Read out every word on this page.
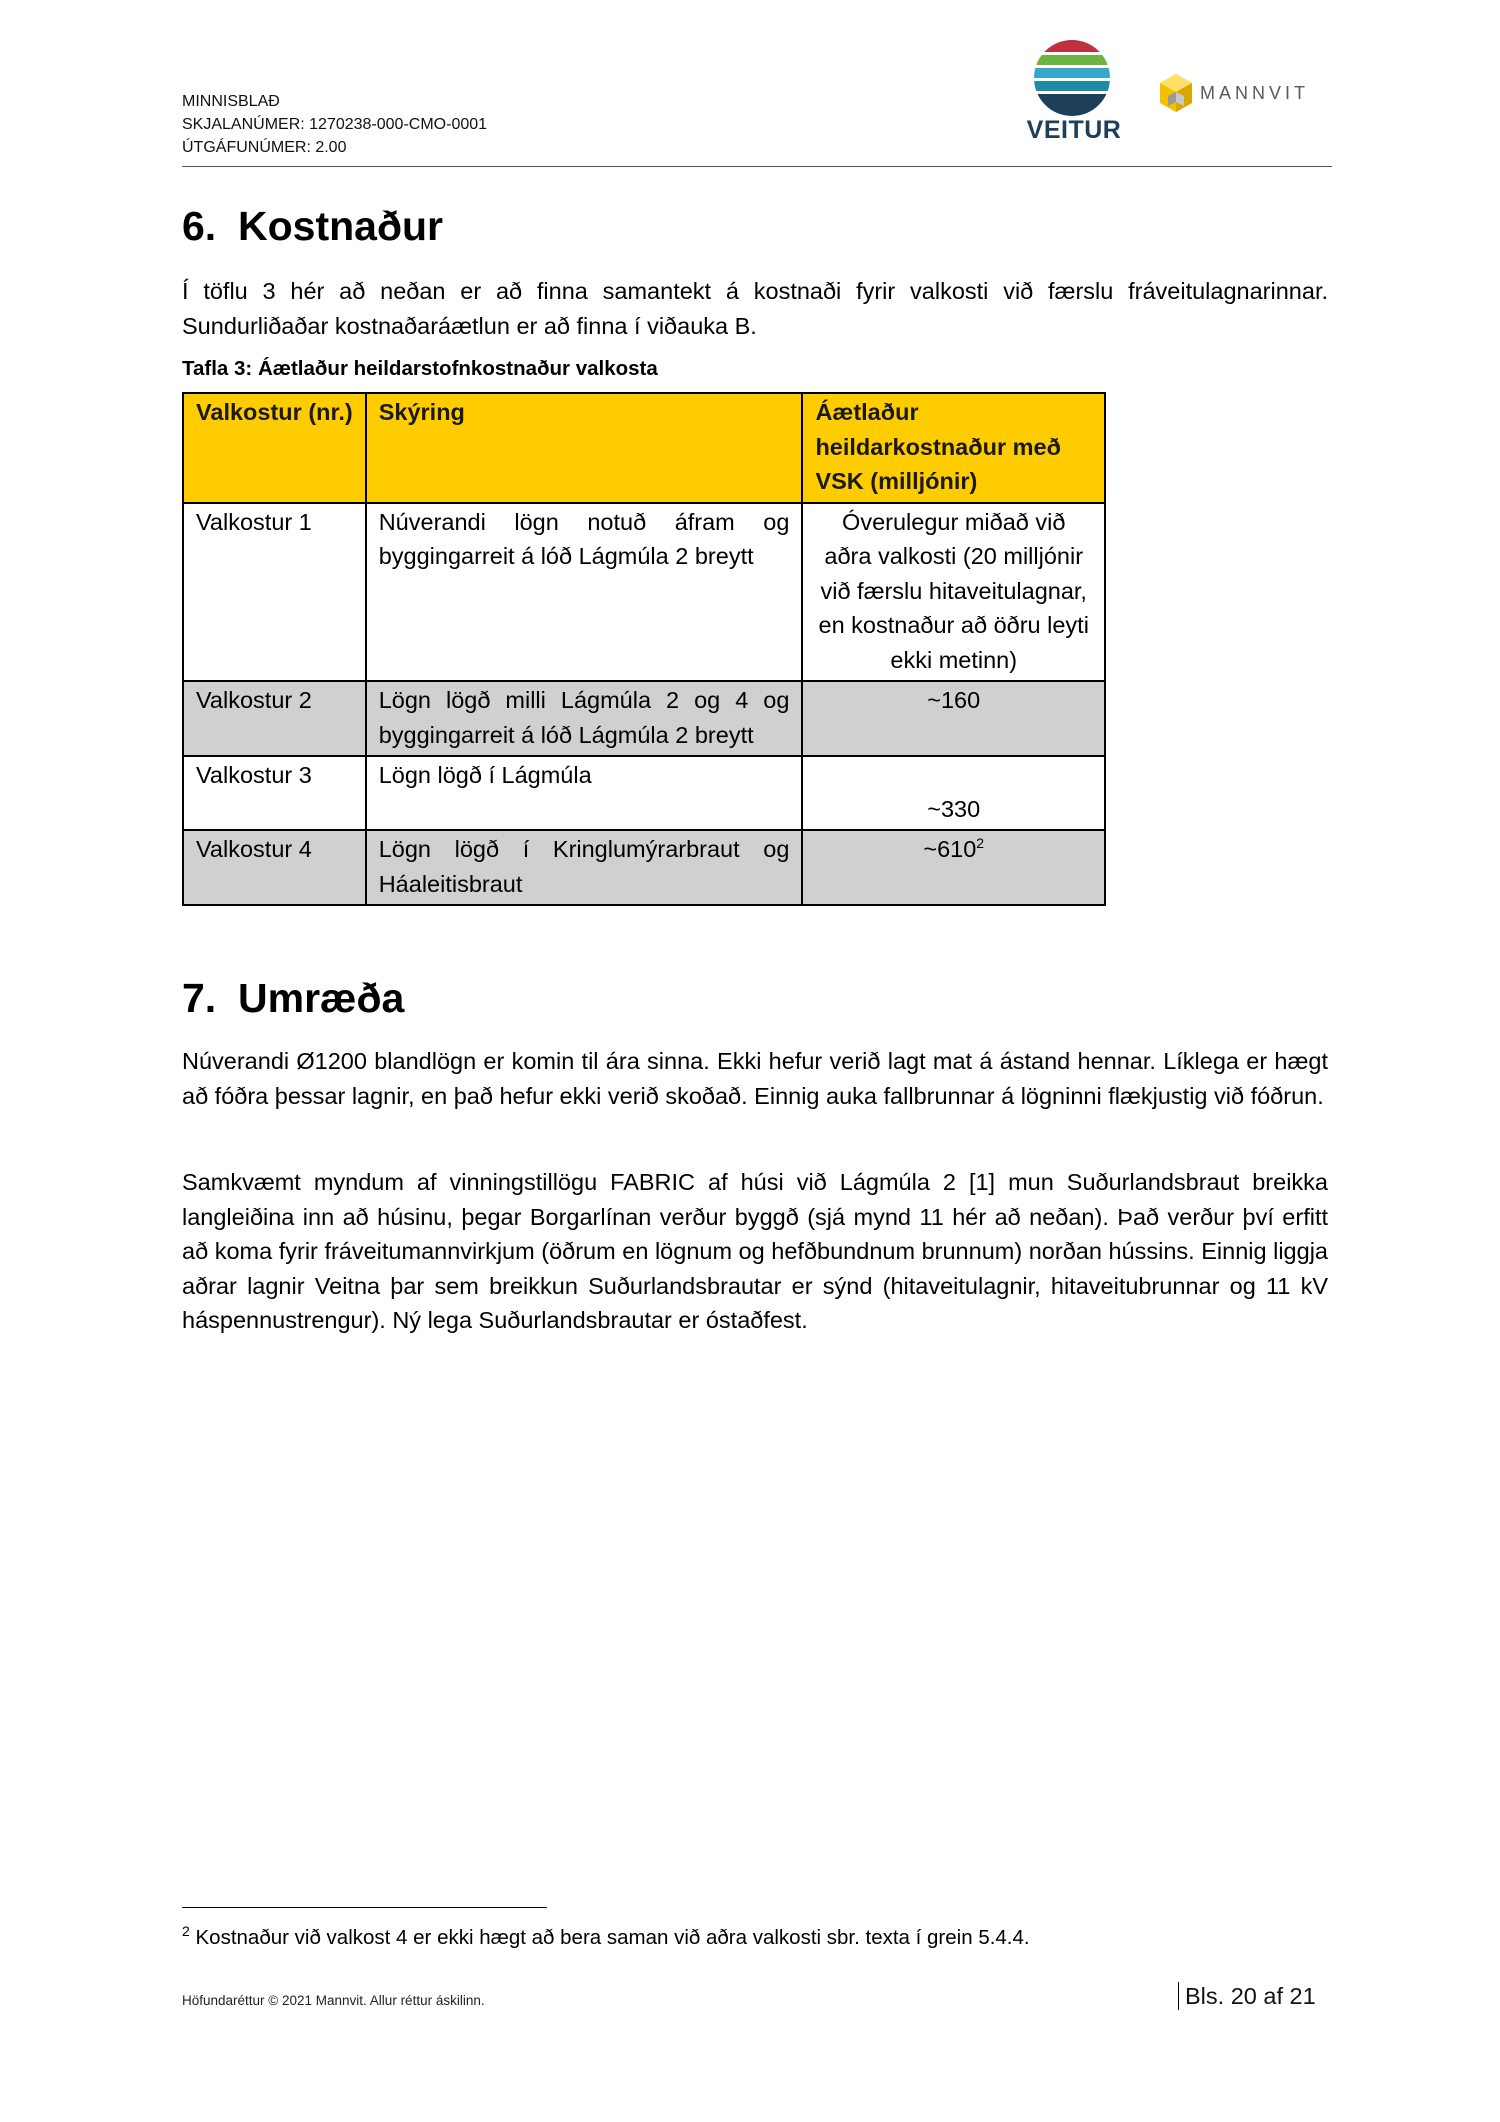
MINNISBLAÐ
SKJALANÚMER: 1270238-000-CMO-0001
ÚTGÁFUNÚMER: 2.00
VEITUR
MANNVIT
6. Kostnaður

Í töflu 3 hér að neðan er að finna samantekt á kostnaði fyrir valkosti við færslu fráveitulagnarinnar. Sundurliðaðar kostnaðaráætlun er að finna í viðauka B.

Tafla 3: Áætlaður heildarstofnkostnaður valkosta
Valkostur (nr.)	Skýring	Áætlaður
heildarkostnaður með
VSK (milljónir)

Valkostur 1	Núverandi lögn notuð áfram og byggingarreit á lóð Lágmúla 2 breytt	Óverulegur miðað við aðra valkosti (20 milljónir við færslu hitaveitulagnar, en kostnaður að öðru leyti ekki metinn)
Valkostur 2	Lögn lögð milli Lágmúla 2 og 4 og byggingarreit á lóð Lágmúla 2 breytt	~160
Valkostur 3	Lögn lögð í Lágmúla	~330
Valkostur 4	Lögn lögð í Kringlumýrarbraut og Háaleitisbraut	$\sim 610^2$
7. Umræða

Núverandi Ø1200 blandlögn er komin til ára sinna. Ekki hefur verið lagt mat á ástand hennar. Líklega er hægt að fóðra þessar lagnir, en það hefur ekki verið skoðað. Einnig auka fallbrunnar á lögninni flækjustig við fóðrun.

Samkvæmt myndum af vinningstillögu FABRIC af húsi við Lágmúla 2 [1] mun Suðurlandsbraut breikka langleiðina inn að húsinu, þegar Borgarlínan verður byggð (sjá mynd 11 hér að neðan). Það verður því erfitt að koma fyrir fráveitumannvirkjum (öðrum en lögnum og hefðbundnum brunnum) norðan hússins. Einnig liggja aðrar lagnir Veitna þar sem breikkun Suðurlandsbrautar er sýnd (hitaveitulagnir, hitaveitubrunnar og 11 kV háspennustrengur). Ný lega Suðurlandsbrautar er óstaðfest.

$^2$ Kostnaður við valkost 4 er ekki hægt að bera saman við aðra valkosti sbr. texta í grein 5.4.4.
Höfundaréttur © 2021 Mannvit. Allur réttur áskilinn.	Bls. 20 af 21
